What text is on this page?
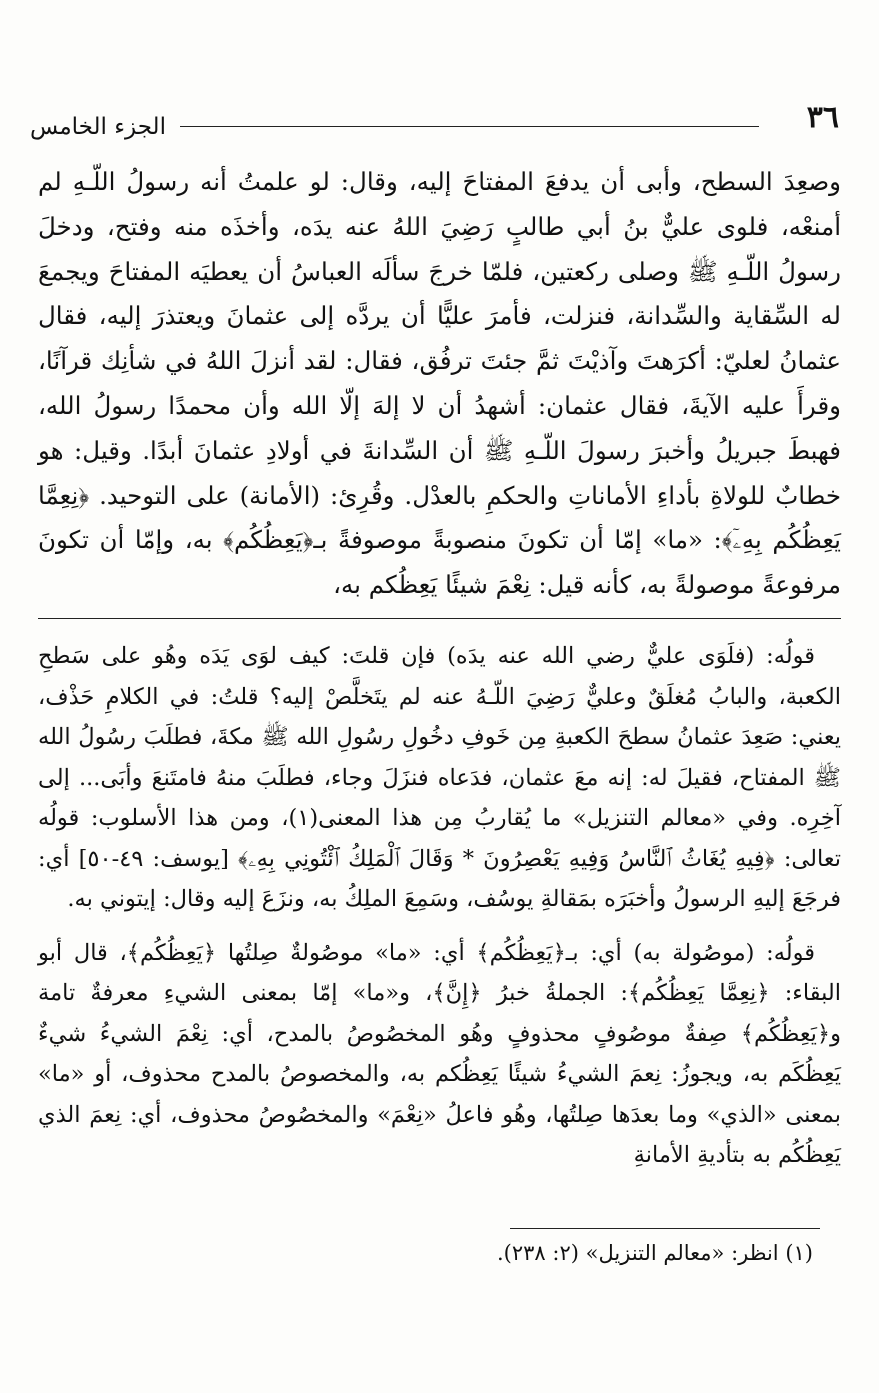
٣٦
الجزء الخامس

وصعِدَ السطح، وأبى أن يدفعَ المفتاحَ إليه، وقال: لو علمتُ أنه رسولُ اللّـهِ لم أمنعْه، فلوى عليٌّ بنُ أبي طالبٍ رَضِيَ اللهُ عنه يدَه، وأخذَه منه وفتح، ودخلَ رسولُ اللّـهِ ﷺ وصلى ركعتين، فلمّا خرجَ سألَه العباسُ أن يعطيَه المفتاحَ ويجمعَ له السِّقاية والسِّدانة، فنزلت، فأمرَ عليًّا أن يردَّه إلى عثمانَ ويعتذرَ إليه، فقال عثمانُ لعليّ: أكرَهتَ وآذيْتَ ثمَّ جئتَ ترفُق، فقال: لقد أنزلَ اللهُ في شأنِك قرآنًا، وقرأَ عليه الآيةَ، فقال عثمان: أشهدُ أن لا إلهَ إلّا الله وأن محمدًا رسولُ الله، فهبطَ جبريلُ وأخبرَ رسولَ اللّـهِ ﷺ أن السِّدانةَ في أولادِ عثمانَ أبدًا. وقيل: هو خطابٌ للولاةِ بأداءِ الأماناتِ والحكمِ بالعدْل. وقُرِئ: (الأمانة) على التوحيد. ﴿نِعِمَّا يَعِظُكُم بِهِۦٓ﴾: «ما» إمّا أن تكونَ منصوبةً موصوفةً بـ﴿يَعِظُكُم﴾ به، وإمّا أن تكونَ مرفوعةً موصولةً به، كأنه قيل: نِعْمَ شيئًا يَعِظُكم به،

قولُه: (فلَوَى عليٌّ رضي الله عنه يدَه) فإن قلتَ: كيف لوَى يَدَه وهُو على سَطحِ الكعبة، والبابُ مُغلَقٌ وعليٌّ رَضِيَ اللّـهُ عنه لم يتَخلَّصْ إليه؟ قلتُ: في الكلامِ حَذْف، يعني: صَعِدَ عثمانُ سطحَ الكعبةِ مِن خَوفِ دخُولِ رسُولِ الله ﷺ مكةَ، فطلَبَ رسُولُ الله ﷺ المفتاح، فقيلَ له: إنه معَ عثمان، فدَعاه فنزَلَ وجاء، فطلَبَ منهُ فامتَنعَ وأبَى... إلى آخِرِه. وفي «معالم التنزيل» ما يُقاربُ مِن هذا المعنى(١)، ومن هذا الأسلوب: قولُه تعالى: ﴿فِيهِ يُغَاثُ ٱلنَّاسُ وَفِيهِ يَعْصِرُونَ * وَقَالَ ٱلْمَلِكُ ٱئْتُونِي بِهِۦ﴾ [يوسف: ٤٩-٥٠] أي: فرجَعَ إليهِ الرسولُ وأخبَرَه بمَقالةِ يوسُف، وسَمِعَ الملِكُ به، ونزَعَ إليه وقال: إيتوني به.

قولُه: (موصُولة به) أي: بـ﴿يَعِظُكُم﴾ أي: «ما» موصُولةٌ صِلتُها ﴿يَعِظُكُم﴾، قال أبو البقاء: ﴿نِعِمَّا يَعِظُكُم﴾: الجملةُ خبرُ ﴿إِنَّ﴾، و«ما» إمّا بمعنى الشيءِ معرفةٌ تامة و﴿يَعِظُكُم﴾ صِفةٌ موصُوفٍ محذوفٍ وهُو المخصُوصُ بالمدح، أي: نِعْمَ الشيءُ شيءٌ يَعِظُكَم به، ويجوزُ: نِعمَ الشيءُ شيئًا يَعِظُكم به، والمخصوصُ بالمدح محذوف، أو «ما» بمعنى «الذي» وما بعدَها صِلتُها، وهُو فاعلُ «نِعْمَ» والمخصُوصُ محذوف، أي: نِعمَ الذي يَعِظُكُم به بتأديةِ الأمانةِ

(١) انظر: «معالم التنزيل» (٢: ٢٣٨).
